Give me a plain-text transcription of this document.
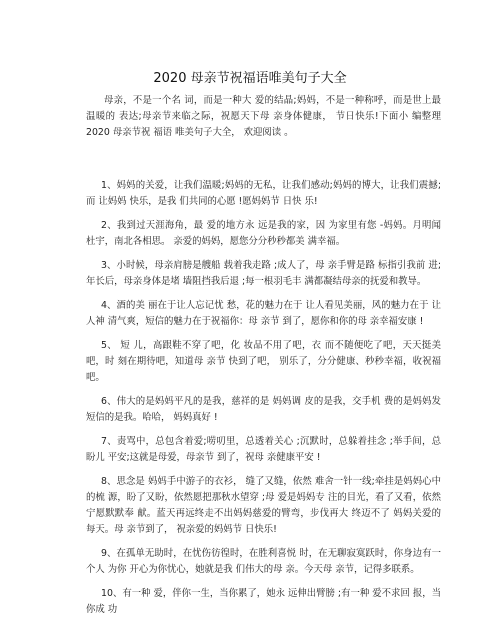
2020 母亲节祝福语唯美句子大全

母亲，不是一个名 词，而是一种大 爱的结晶;妈妈，不是一种称呼，而是世上最温暖的 表达;母亲节来临之际，祝愿天下母 亲身体健康， 节日快乐!下面小 编整理 2020 母亲节祝 福语 唯美句子大全， 欢迎阅读 。

1、妈妈的关爱，让我们温暖;妈妈的无私，让我们感动;妈妈的博大，让我们震撼;而 让妈妈 快乐，是我 们共同的心愿 !愿妈妈节 日快 乐!

2、我到过天涯海角，最 爱的地方永 远是我的家，因 为家里有您 -妈妈。月明闻杜宇，南北各相思。 亲爱的妈妈，愿您分分秒秒都美 满幸福。

3、小时候，母亲肩膀是艘船 载着我走路 ;成人了，母 亲手臂是路 标指引我前 进;年长后，母亲身体是堵 墙阻挡我后退 ;每一根羽毛丰 满都凝结母亲的抚爱和教导。

4、酒的美 丽在于让人忘记忧 愁，花的魅力在于 让人看见美丽，风的魅力在于 让人神 清气爽，短信的魅力在于祝福你：母 亲节 到了，愿你和你的母 亲幸福安康 !

5、 短 儿，高跟鞋不穿了吧，化 妆品不用了吧，衣 而不随便吃了吧，天天挺美吧，时 刻在期待吧，知道母 亲节 快到了吧， 别乐了，分分健康、秒秒幸福，收祝福吧。

6、伟大的是妈妈平凡的是我，慈祥的是 妈妈调 皮的是我，交手机 费的是妈妈发 短信的是我。哈哈， 妈妈真好 !

7、责骂中，总包含着爱;唠叨里，总透着关心 ;沉默时，总躲着挂念 ;举手间，总盼儿 平安;这就是母爱，母亲节 到了，祝母 亲健康平安 !

8、思念是 妈妈手中游子的衣衫， 缝了又缝，依然 难舍一针一线;牵挂是妈妈心中的梳 源，盼了又盼，依然愿把那秋水望穿 ;母 爱是妈妈专 注的目光，看了又看，依然宁愿默默奉 献。蓝天再远终走不出妈妈慈爱的臂弯，步伐再大 终迈不了 妈妈关爱的每天。母 亲节到了， 祝亲爱的妈妈节 日快乐!

9、在孤单无助时，在忧伤彷徨时，在胜利喜悦 时，在无聊寂寞跃时，你身边有一个人 为你 开心为你忧心，她就是我 们伟大的母 亲。今天母 亲节，记得多联系。

10、有一种 爱，伴你一生，当你累了，她永 远伸出臂膀 ;有一种 爱不求回 报，当你成 功
